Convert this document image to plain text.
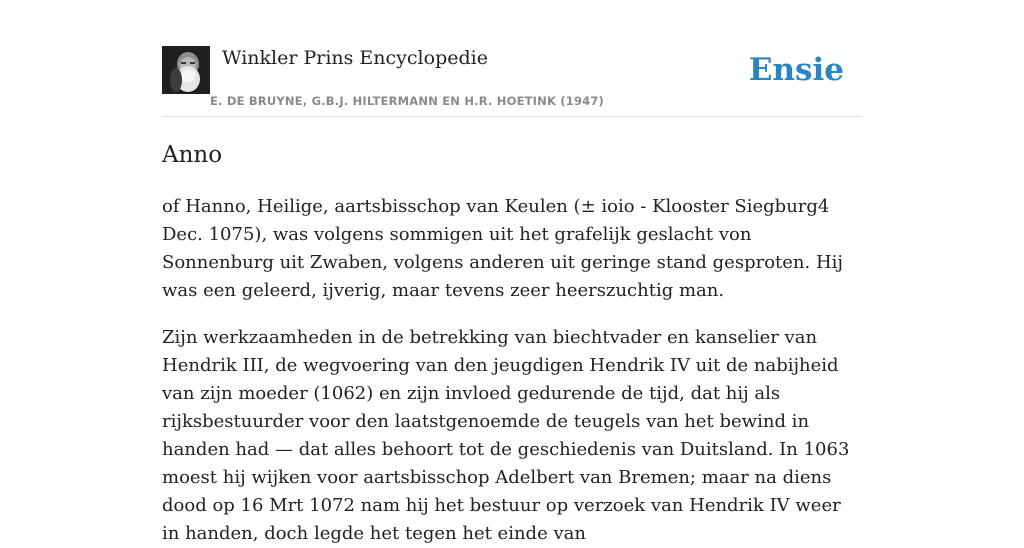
Winkler Prins Encyclopedie
E. DE BRUYNE, G.B.J. HILTERMANN EN H.R. HOETINK (1947)
Ensie
Anno

of Hanno, Heilige, aartsbisschop van Keulen (± ioio - Klooster Siegburg4 Dec. 1075), was volgens sommigen uit het grafelijk geslacht von Sonnenburg uit Zwaben, volgens anderen uit geringe stand gesproten. Hij was een geleerd, ijverig, maar tevens zeer heerszuchtig man.

Zijn werkzaamheden in de betrekking van biechtvader en kanselier van Hendrik III, de wegvoering van den jeugdigen Hendrik IV uit de nabijheid van zijn moeder (1062) en zijn invloed gedurende de tijd, dat hij als rijksbestuurder voor den laatstgenoemde de teugels van het bewind in handen had — dat alles behoort tot de geschiedenis van Duitsland. In 1063 moest hij wijken voor aartsbisschop Adelbert van Bremen; maar na diens dood op 16 Mrt 1072 nam hij het bestuur op verzoek van Hendrik IV weer in handen, doch legde het tegen het einde van
